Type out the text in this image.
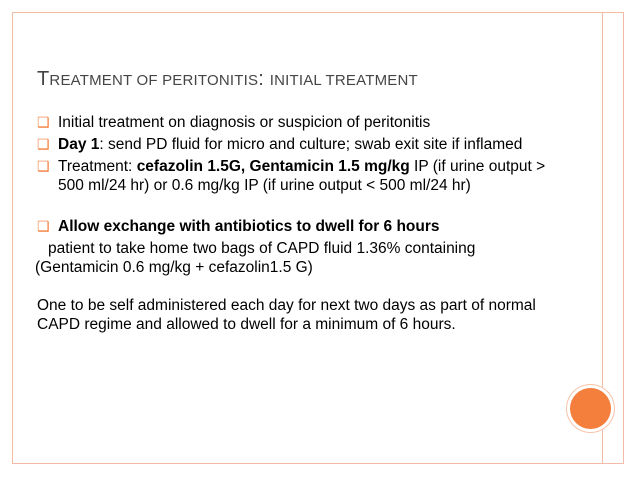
TREATMENT OF PERITONITIS: INITIAL TREATMENT
❑ Initial treatment on diagnosis or suspicion of peritonitis
❑ Day 1: send PD fluid for micro and culture; swab exit site if inflamed
❑ Treatment: cefazolin 1.5G, Gentamicin 1.5 mg/kg IP (if urine output > 500 ml/24 hr) or 0.6 mg/kg IP (if urine output < 500 ml/24 hr)
❑ Allow exchange with antibiotics to dwell for 6 hours
patient to take home two bags of CAPD fluid 1.36% containing
(Gentamicin 0.6 mg/kg + cefazolin1.5 G)
One to be self administered each day for next two days as part of normal CAPD regime and allowed to dwell for a minimum of 6 hours.
